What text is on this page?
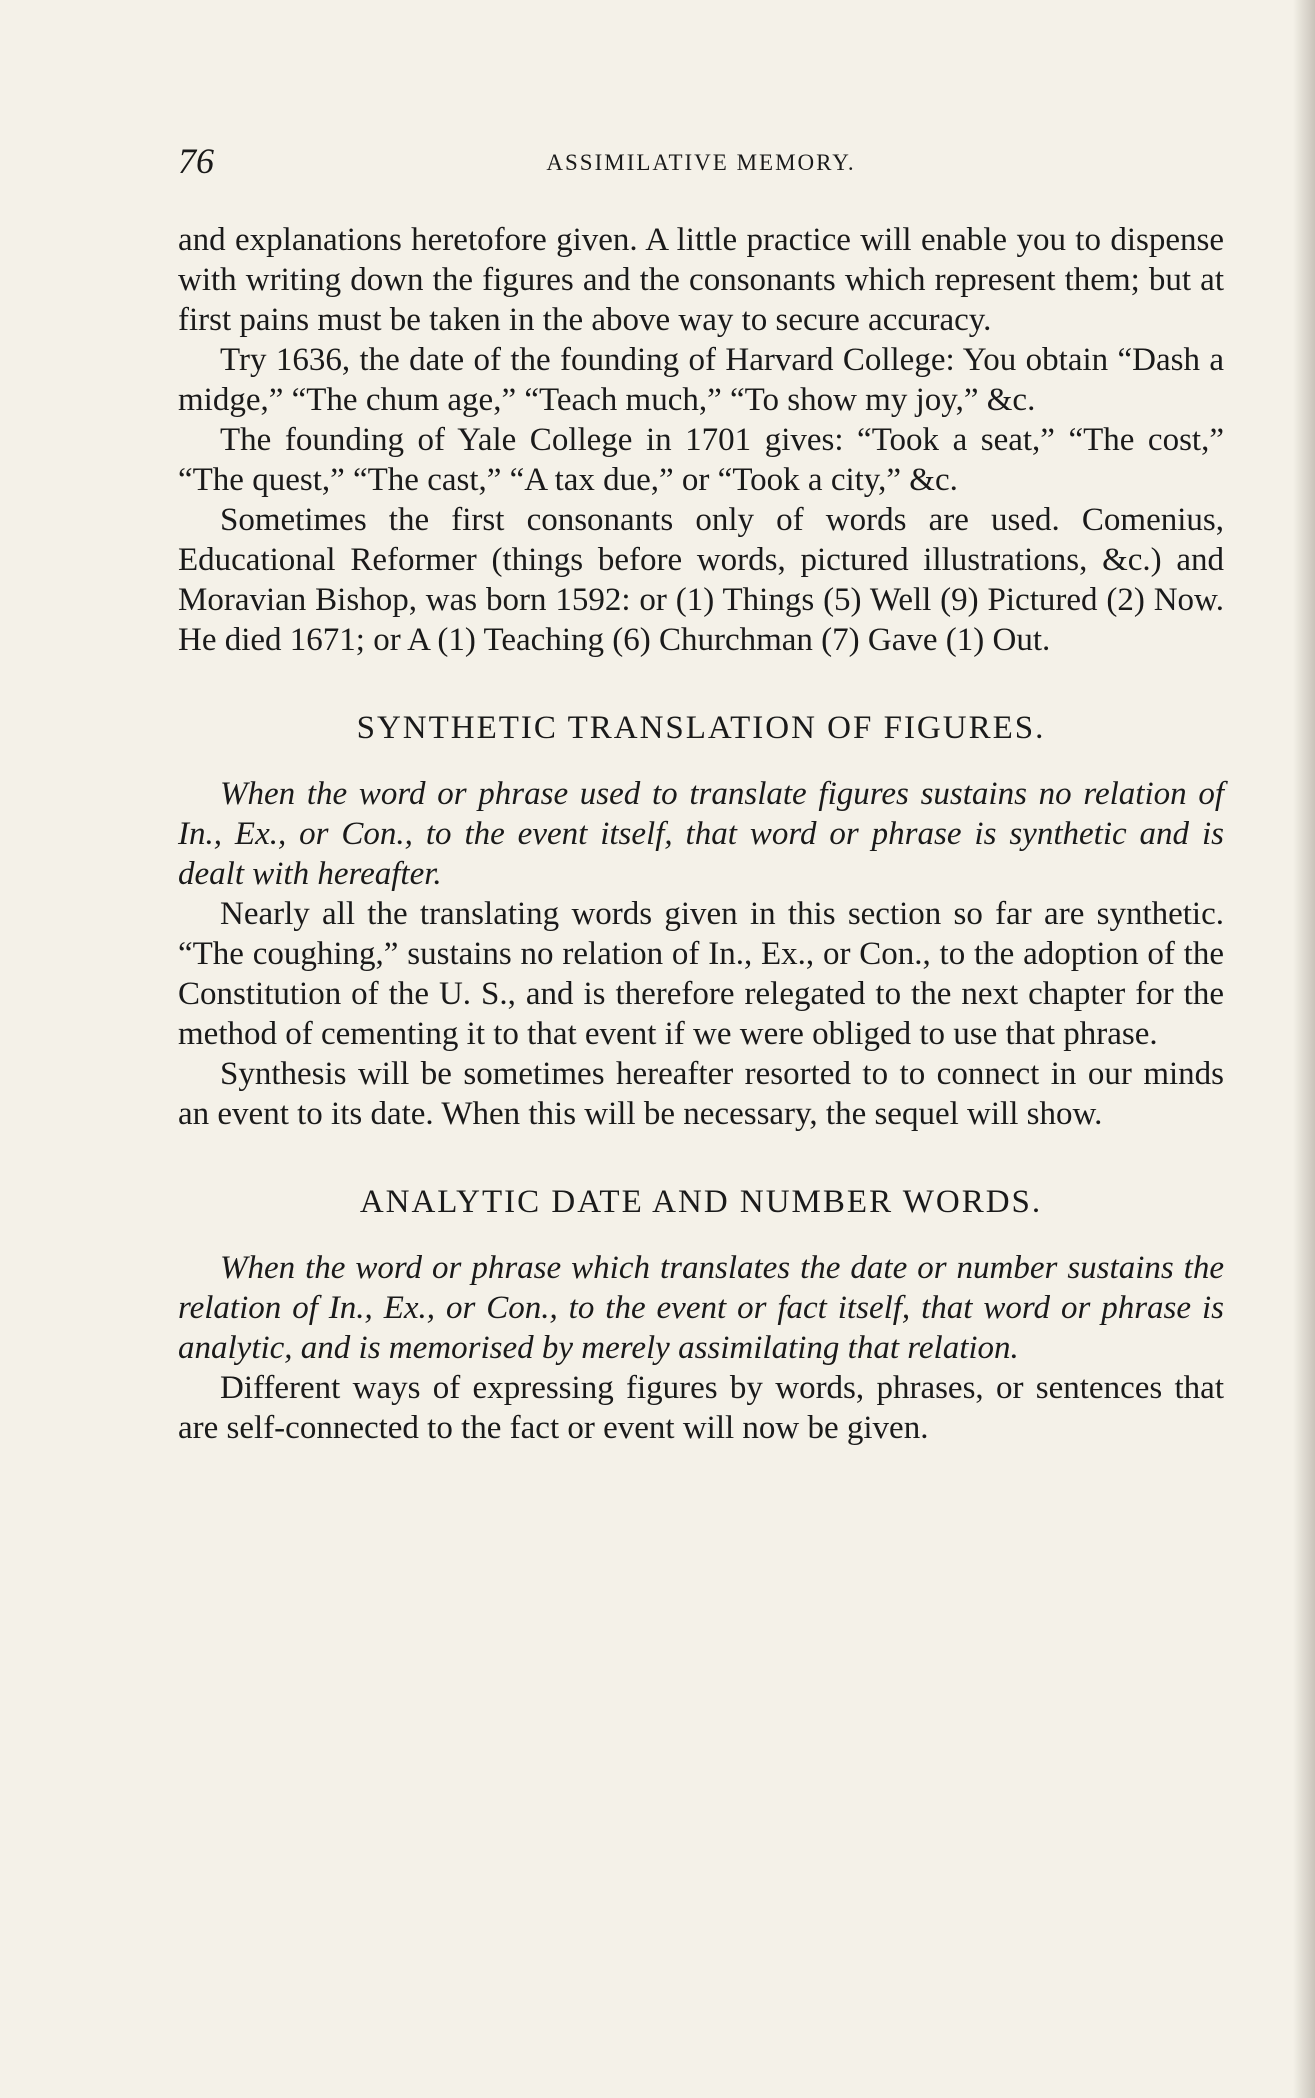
76	ASSIMILATIVE MEMORY.

and explanations heretofore given. A little practice will enable you to dispense with writing down the figures and the consonants which represent them; but at first pains must be taken in the above way to secure accuracy.

Try 1636, the date of the founding of Harvard College: You obtain “Dash a midge,” “The chum age,” “Teach much,” “To show my joy,” &c.

The founding of Yale College in 1701 gives: “Took a seat,” “The cost,” “The quest,” “The cast,” “A tax due,” or “Took a city,” &c.

Sometimes the first consonants only of words are used. Comenius, Educational Reformer (things before words, pictured illustrations, &c.) and Moravian Bishop, was born 1592: or (1) Things (5) Well (9) Pictured (2) Now. He died 1671; or A (1) Teaching (6) Churchman (7) Gave (1) Out.

SYNTHETIC TRANSLATION OF FIGURES.

When the word or phrase used to translate figures sustains no relation of In., Ex., or Con., to the event itself, that word or phrase is synthetic and is dealt with hereafter.

Nearly all the translating words given in this section so far are synthetic. “The coughing,” sustains no relation of In., Ex., or Con., to the adoption of the Constitution of the U. S., and is therefore relegated to the next chapter for the method of cementing it to that event if we were obliged to use that phrase.

Synthesis will be sometimes hereafter resorted to to connect in our minds an event to its date. When this will be necessary, the sequel will show.

ANALYTIC DATE AND NUMBER WORDS.

When the word or phrase which translates the date or number sustains the relation of In., Ex., or Con., to the event or fact itself, that word or phrase is analytic, and is memorised by merely assimilating that relation.

Different ways of expressing figures by words, phrases, or sentences that are self-connected to the fact or event will now be given.
